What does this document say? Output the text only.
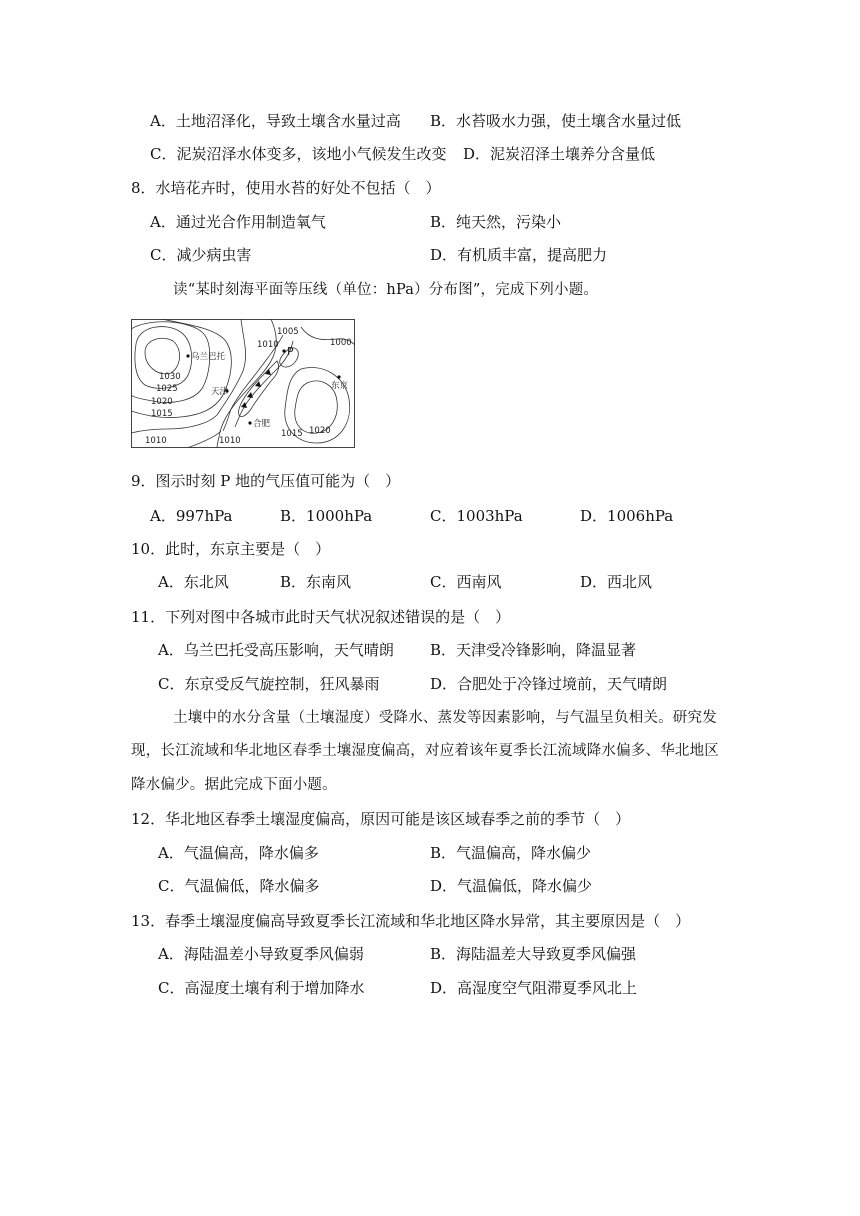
A．土地沼泽化，导致土壤含水量过高 B．水苔吸水力强，使土壤含水量过低
C．泥炭沼泽水体变多，该地小气候发生改变 D．泥炭沼泽土壤养分含量低
8．水培花卉时，使用水苔的好处不包括（　）
A．通过光合作用制造氧气	B．纯天然，污染小
C．减少病虫害	D．有机质丰富，提高肥力
读“某时刻海平面等压线（单位：hPa）分布图”，完成下列小题。
1005
1010	1000
1030
1025
1020
1015
1015 1020
1010	1010
乌兰巴托
天津
东京
合肥
P
9．图示时刻 P 地的气压值可能为（　）
A．997hPa	B．1000hPa	C．1003hPa	D．1006hPa
10．此时，东京主要是（　）
A．东北风	B．东南风	C．西南风	D．西北风
11．下列对图中各城市此时天气状况叙述错误的是（　）
A．乌兰巴托受高压影响，天气晴朗 B．天津受冷锋影响，降温显著
C．东京受反气旋控制，狂风暴雨	D．合肥处于冷锋过境前，天气晴朗
土壤中的水分含量（土壤湿度）受降水、蒸发等因素影响，与气温呈负相关。研究发
现，长江流域和华北地区春季土壤湿度偏高，对应着该年夏季长江流域降水偏多、华北地区
降水偏少。据此完成下面小题。
12．华北地区春季土壤湿度偏高，原因可能是该区域春季之前的季节（　）
A．气温偏高，降水偏多	B．气温偏高，降水偏少
C．气温偏低，降水偏多	D．气温偏低，降水偏少
13．春季土壤湿度偏高导致夏季长江流域和华北地区降水异常，其主要原因是（　）
A．海陆温差小导致夏季风偏弱	B．海陆温差大导致夏季风偏强
C．高湿度土壤有利于增加降水	D．高湿度空气阻滞夏季风北上
